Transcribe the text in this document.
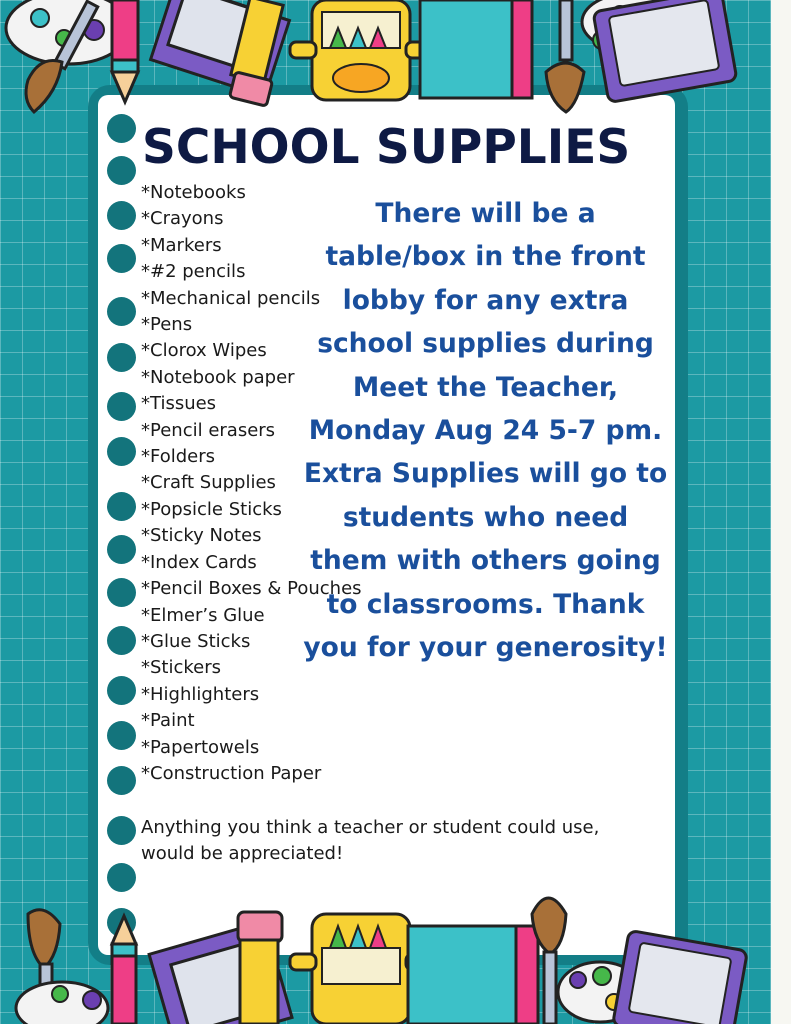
SCHOOL SUPPLIES
*Notebooks
*Crayons
*Markers
*#2 pencils
*Mechanical pencils
*Pens
*Clorox Wipes
*Notebook paper
*Tissues
*Pencil erasers
*Folders
*Craft Supplies
*Popsicle Sticks
*Sticky Notes
*Index Cards
*Pencil Boxes & Pouches
*Elmer’s Glue
*Glue Sticks
*Stickers
*Highlighters
*Paint
*Papertowels
*Construction Paper
There will be a
table/box in the front
lobby for any extra
school supplies during
Meet the Teacher,
Monday Aug 24 5-7 pm.
Extra Supplies will go to
students who need
them with others going
to classrooms. Thank
you for your generosity!
Anything you think a teacher or student could use,
would be appreciated!
